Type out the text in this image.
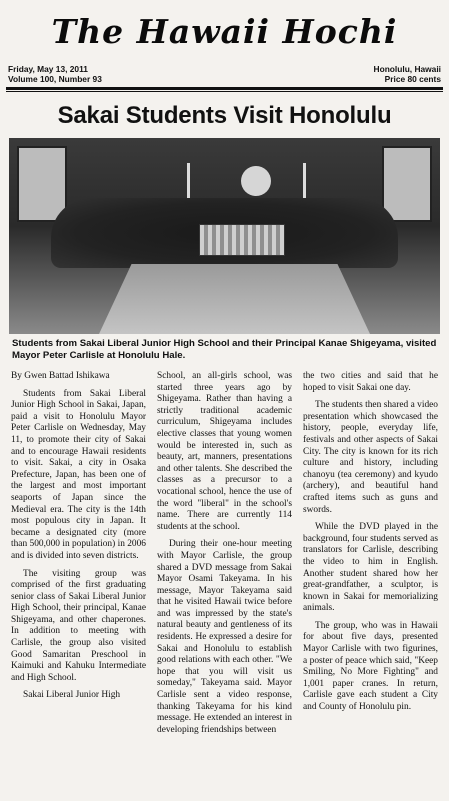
The Hawaii Hochi
Friday, May 13, 2011
Volume 100, Number 93
Honolulu, Hawaii
Price 80 cents
Sakai Students Visit Honolulu
Students from Sakai Liberal Junior High School and their Principal Kanae Shigeyama, visited Mayor Peter Carlisle at Honolulu Hale.

By Gwen Battad Ishikawa

Students from Sakai Liberal Junior High School in Sakai, Japan, paid a visit to Honolulu Mayor Peter Carlisle on Wednesday, May 11, to promote their city of Sakai and to encourage Hawaii residents to visit. Sakai, a city in Osaka Prefecture, Japan, has been one of the largest and most important seaports of Japan since the Medieval era. The city is the 14th most populous city in Japan. It became a designated city (more than 500,000 in population) in 2006 and is divided into seven districts.

The visiting group was comprised of the first graduating senior class of Sakai Liberal Junior High School, their principal, Kanae Shigeyama, and other chaperones. In addition to meeting with Carlisle, the group also visited Good Samaritan Preschool in Kaimuki and Kahuku Intermediate and High School.

Sakai Liberal Junior High

School, an all-girls school, was started three years ago by Shigeyama. Rather than having a strictly traditional academic curriculum, Shigeyama includes elective classes that young women would be interested in, such as beauty, art, manners, presentations and other talents. She described the classes as a precursor to a vocational school, hence the use of the word "liberal" in the school's name. There are currently 114 students at the school.

During their one-hour meeting with Mayor Carlisle, the group shared a DVD message from Sakai Mayor Osami Takeyama. In his message, Mayor Takeyama said that he visited Hawaii twice before and was impressed by the state's natural beauty and gentleness of its residents. He expressed a desire for Sakai and Honolulu to establish good relations with each other. "We hope that you will visit us someday," Takeyama said. Mayor Carlisle sent a video response, thanking Takeyama for his kind message. He extended an interest in developing friendships between

the two cities and said that he hoped to visit Sakai one day.

The students then shared a video presentation which showcased the history, people, everyday life, festivals and other aspects of Sakai City. The city is known for its rich culture and history, including chanoyu (tea ceremony) and kyudo (archery), and beautiful hand crafted items such as guns and swords.

While the DVD played in the background, four students served as translators for Carlisle, describing the video to him in English. Another student shared how her great-grandfather, a sculptor, is known in Sakai for memorializing animals.

The group, who was in Hawaii for about five days, presented Mayor Carlisle with two figurines, a poster of peace which said, "Keep Smiling, No More Fighting" and 1,001 paper cranes. In return, Carlisle gave each student a City and County of Honolulu pin.
